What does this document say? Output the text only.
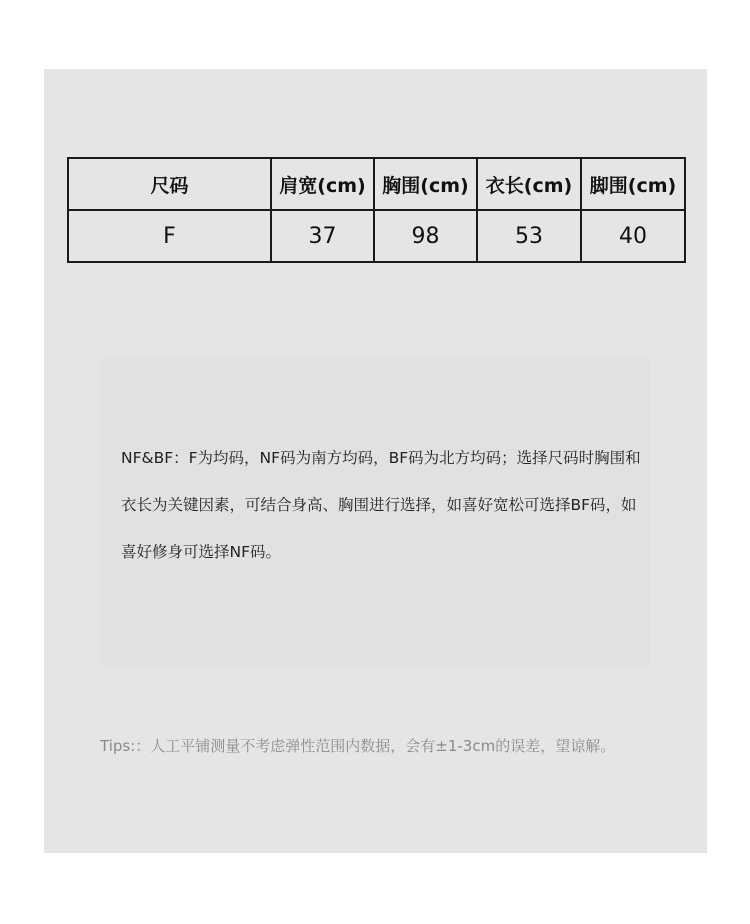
尺码	肩宽(cm)	胸围(cm)	衣长(cm)	脚围(cm)
F	37	98	53	40

NF&BF：F为均码，NF码为南方均码，BF码为北方均码；选择尺码时胸围和衣长为关键因素，可结合身高、胸围进行选择，如喜好宽松可选择BF码，如喜好修身可选择NF码。

Tips:：人工平铺测量不考虑弹性范围内数据，会有±1-3cm的误差，望谅解。
